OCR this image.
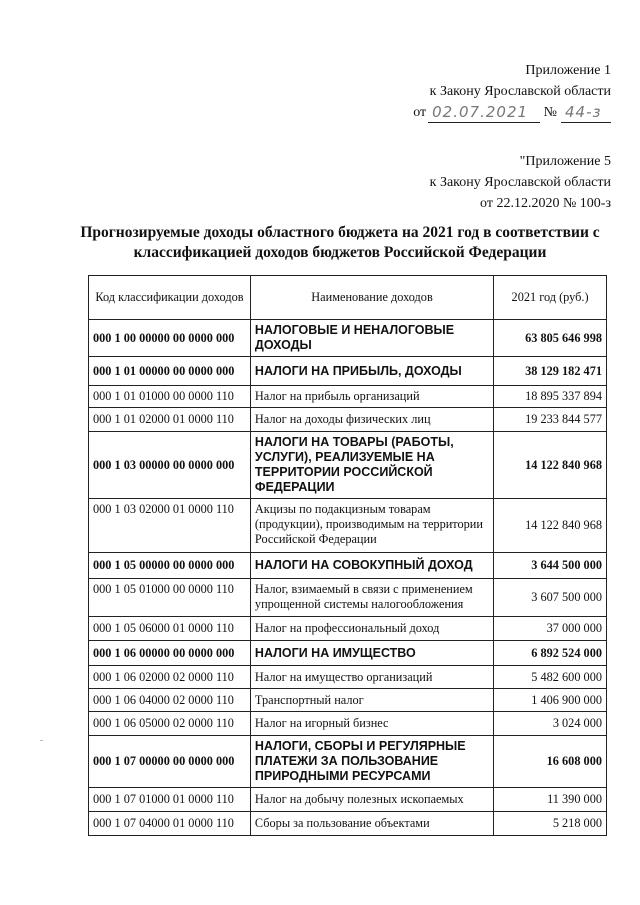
Приложение 1
к Закону Ярославской области
от 02.07.2021 № 44-з
"Приложение 5
к Закону Ярославской области
от 22.12.2020 № 100-з
Прогнозируемые доходы областного бюджета на 2021 год в соответствии с
классификацией доходов бюджетов Российской Федерации
Код классификации доходов	Наименование доходов	2021 год (руб.)
000 1 00 00000 00 0000 000	НАЛОГОВЫЕ И НЕНАЛОГОВЫЕ ДОХОДЫ	63 805 646 998
000 1 01 00000 00 0000 000	НАЛОГИ НА ПРИБЫЛЬ, ДОХОДЫ	38 129 182 471
000 1 01 01000 00 0000 110	Налог на прибыль организаций	18 895 337 894
000 1 01 02000 01 0000 110	Налог на доходы физических лиц	19 233 844 577
000 1 03 00000 00 0000 000	НАЛОГИ НА ТОВАРЫ (РАБОТЫ, УСЛУГИ), РЕАЛИЗУЕМЫЕ НА ТЕРРИТОРИИ РОССИЙСКОЙ ФЕДЕРАЦИИ	14 122 840 968
000 1 03 02000 01 0000 110	Акцизы по подакцизным товарам (продукции), производимым на территории Российской Федерации	14 122 840 968
000 1 05 00000 00 0000 000	НАЛОГИ НА СОВОКУПНЫЙ ДОХОД	3 644 500 000
000 1 05 01000 00 0000 110	Налог, взимаемый в связи с применением упрощенной системы налогообложения	3 607 500 000
000 1 05 06000 01 0000 110	Налог на профессиональный доход	37 000 000
000 1 06 00000 00 0000 000	НАЛОГИ НА ИМУЩЕСТВО	6 892 524 000
000 1 06 02000 02 0000 110	Налог на имущество организаций	5 482 600 000
000 1 06 04000 02 0000 110	Транспортный налог	1 406 900 000
000 1 06 05000 02 0000 110	Налог на игорный бизнес	3 024 000
000 1 07 00000 00 0000 000	НАЛОГИ, СБОРЫ И РЕГУЛЯРНЫЕ ПЛАТЕЖИ ЗА ПОЛЬЗОВАНИЕ ПРИРОДНЫМИ РЕСУРСАМИ	16 608 000
000 1 07 01000 01 0000 110	Налог на добычу полезных ископаемых	11 390 000
000 1 07 04000 01 0000 110	Сборы за пользование объектами	5 218 000
